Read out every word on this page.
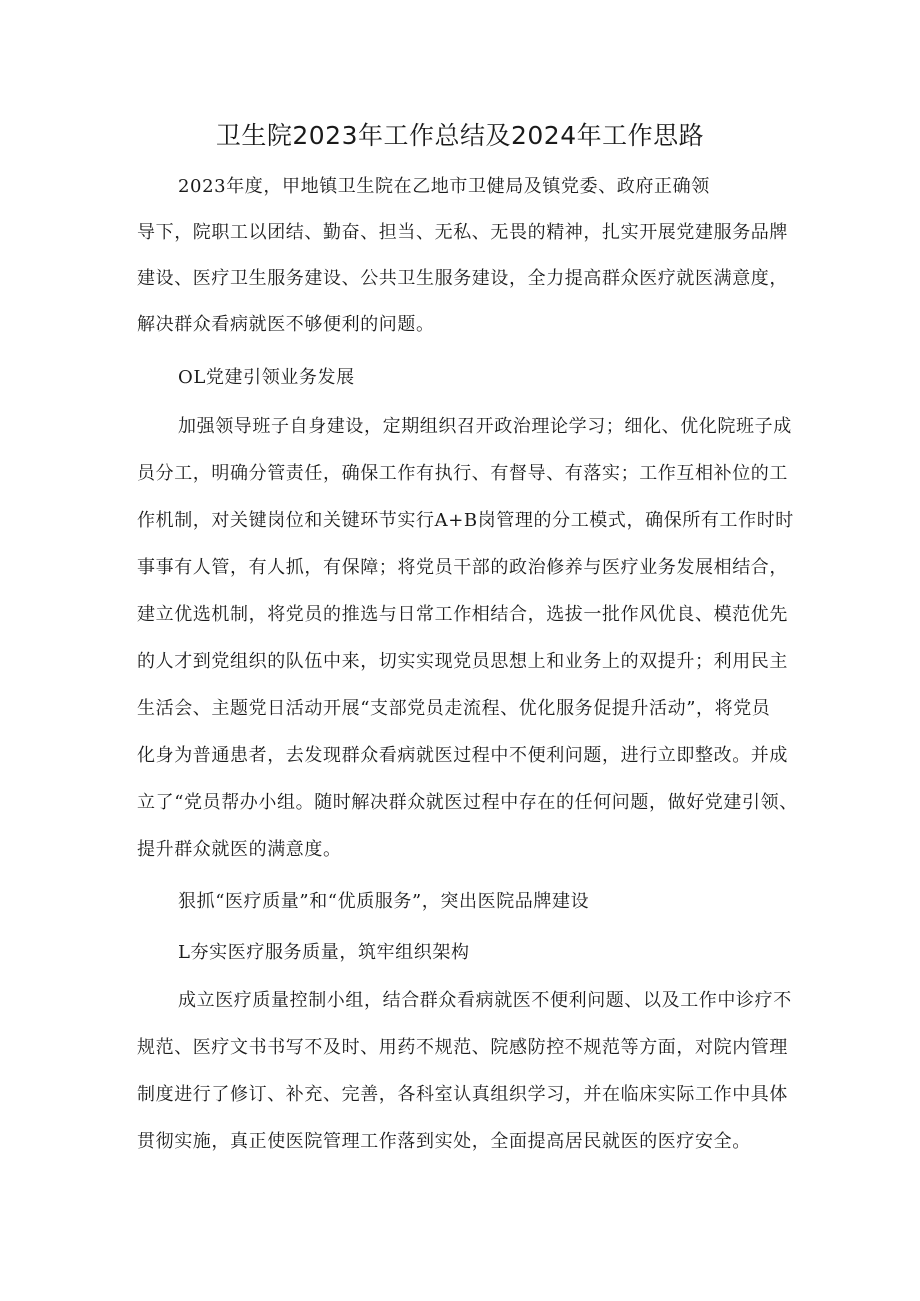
卫生院2023年工作总结及2024年工作思路
2023年度，甲地镇卫生院在乙地市卫健局及镇党委、政府正确领
导下，院职工以团结、勤奋、担当、无私、无畏的精神，扎实开展党建服务品牌
建设、医疗卫生服务建设、公共卫生服务建设，全力提高群众医疗就医满意度，
解决群众看病就医不够便利的问题。
OL党建引领业务发展
加强领导班子自身建设，定期组织召开政治理论学习；细化、优化院班子成
员分工，明确分管责任，确保工作有执行、有督导、有落实；工作互相补位的工
作机制，对关键岗位和关键环节实行A+B岗管理的分工模式，确保所有工作时时
事事有人管，有人抓，有保障；将党员干部的政治修养与医疗业务发展相结合，
建立优选机制，将党员的推选与日常工作相结合，选拔一批作风优良、模范优先
的人才到党组织的队伍中来，切实实现党员思想上和业务上的双提升；利用民主
生活会、主题党日活动开展“支部党员走流程、优化服务促提升活动”，将党员
化身为普通患者，去发现群众看病就医过程中不便利问题，进行立即整改。并成
立了“党员帮办小组。随时解决群众就医过程中存在的任何问题，做好党建引领、
提升群众就医的满意度。
狠抓“医疗质量”和“优质服务”，突出医院品牌建设
L夯实医疗服务质量，筑牢组织架构
成立医疗质量控制小组，结合群众看病就医不便利问题、以及工作中诊疗不
规范、医疗文书书写不及时、用药不规范、院感防控不规范等方面，对院内管理
制度进行了修订、补充、完善，各科室认真组织学习，并在临床实际工作中具体
贯彻实施，真正使医院管理工作落到实处，全面提高居民就医的医疗安全。
